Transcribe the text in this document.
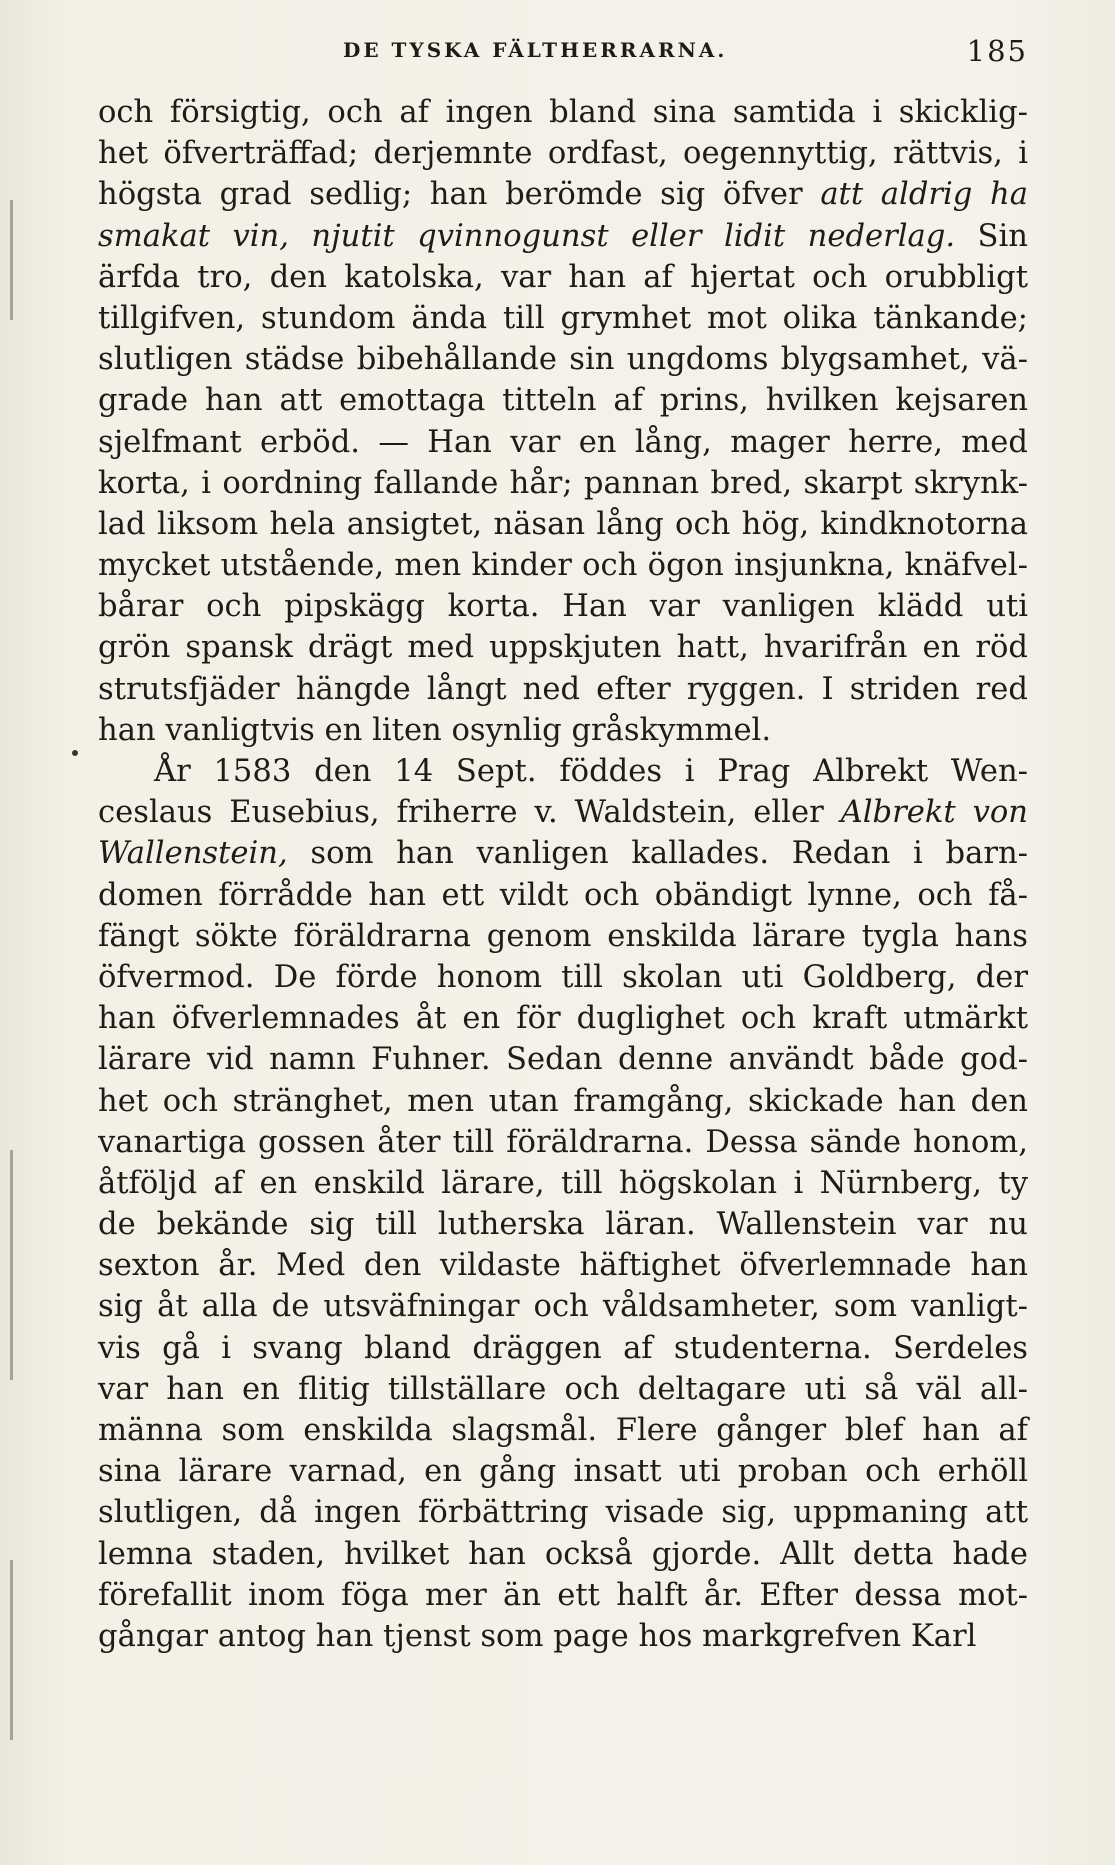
DE TYSKA FÄLTHERRARNA.	185
och försigtig, och af ingen bland sina samtida i skicklig-
het öfverträffad; derjemnte ordfast, oegennyttig, rättvis, i
högsta grad sedlig; han berömde sig öfver att aldrig ha
smakat vin, njutit qvinnogunst eller lidit nederlag. Sin
ärfda tro, den katolska, var han af hjertat och orubbligt
tillgifven, stundom ända till grymhet mot olika tänkande;
slutligen städse bibehållande sin ungdoms blygsamhet, vä-
grade han att emottaga titteln af prins, hvilken kejsaren
sjelfmant erböd. — Han var en lång, mager herre, med
korta, i oordning fallande hår; pannan bred, skarpt skrynk-
lad liksom hela ansigtet, näsan lång och hög, kindknotorna
mycket utstående, men kinder och ögon insjunkna, knäfvel-
bårar och pipskägg korta. Han var vanligen klädd uti
grön spansk drägt med uppskjuten hatt, hvarifrån en röd
strutsfjäder hängde långt ned efter ryggen. I striden red
han vanligtvis en liten osynlig gråskymmel.
År 1583 den 14 Sept. föddes i Prag Albrekt Wen-
ceslaus Eusebius, friherre v. Waldstein, eller Albrekt von
Wallenstein, som han vanligen kallades. Redan i barn-
domen förrådde han ett vildt och obändigt lynne, och få-
fängt sökte föräldrarna genom enskilda lärare tygla hans
öfvermod. De förde honom till skolan uti Goldberg, der
han öfverlemnades åt en för duglighet och kraft utmärkt
lärare vid namn Fuhner. Sedan denne användt både god-
het och stränghet, men utan framgång, skickade han den
vanartiga gossen åter till föräldrarna. Dessa sände honom,
åtföljd af en enskild lärare, till högskolan i Nürnberg, ty
de bekände sig till lutherska läran. Wallenstein var nu
sexton år. Med den vildaste häftighet öfverlemnade han
sig åt alla de utsväfningar och våldsamheter, som vanligt-
vis gå i svang bland dräggen af studenterna. Serdeles
var han en flitig tillställare och deltagare uti så väl all-
männa som enskilda slagsmål. Flere gånger blef han af
sina lärare varnad, en gång insatt uti proban och erhöll
slutligen, då ingen förbättring visade sig, uppmaning att
lemna staden, hvilket han också gjorde. Allt detta hade
förefallit inom föga mer än ett halft år. Efter dessa mot-
gångar antog han tjenst som page hos markgrefven Karl
